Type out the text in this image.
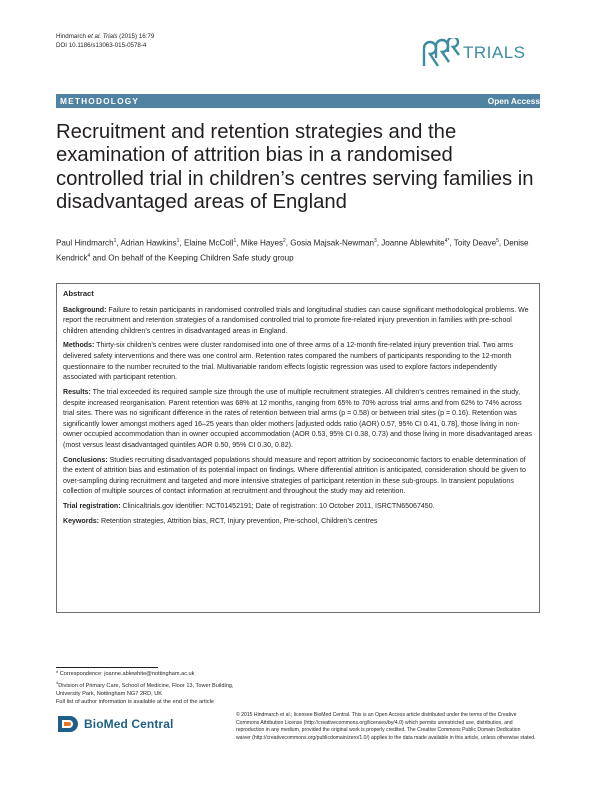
Hindmarch et al. Trials (2015) 16:79
DOI 10.1186/s13063-015-0578-4	TRIALS
METHODOLOGY	Open Access
Recruitment and retention strategies and the examination of attrition bias in a randomised controlled trial in children’s centres serving families in disadvantaged areas of England
Paul Hindmarch$^1$, Adrian Hawkins$^1$, Elaine McColl$^1$, Mike Hayes$^2$, Gosia Majsak-Newman$^3$, Joanne Ablewhite$^{4*}$, Toity Deave$^5$, Denise Kendrick$^4$ and On behalf of the Keeping Children Safe study group

Abstract

Background: Failure to retain participants in randomised controlled trials and longitudinal studies can cause significant methodological problems. We report the recruitment and retention strategies of a randomised controlled trial to promote fire-related injury prevention in families with pre-school children attending children’s centres in disadvantaged areas in England.

Methods: Thirty-six children’s centres were cluster randomised into one of three arms of a 12-month fire-related injury prevention trial. Two arms delivered safety interventions and there was one control arm. Retention rates compared the numbers of participants responding to the 12-month questionnaire to the number recruited to the trial. Multivariable random effects logistic regression was used to explore factors independently associated with participant retention.

Results: The trial exceeded its required sample size through the use of multiple recruitment strategies. All children’s centres remained in the study, despite increased reorganisation. Parent retention was 68% at 12 months, ranging from 65% to 70% across trial arms and from 62% to 74% across trial sites. There was no significant difference in the rates of retention between trial arms (p = 0.58) or between trial sites (p = 0.16). Retention was significantly lower amongst mothers aged 16–25 years than older mothers [adjusted odds ratio (AOR) 0.57, 95% CI 0.41, 0.78], those living in non-owner occupied accommodation than in owner occupied accommodation (AOR 0.53, 95% CI 0.38, 0.73) and those living in more disadvantaged areas (most versus least disadvantaged quintiles AOR 0.50, 95% CI 0.30, 0.82).

Conclusions: Studies recruiting disadvantaged populations should measure and report attrition by socioeconomic factors to enable determination of the extent of attrition bias and estimation of its potential impact on findings. Where differential attrition is anticipated, consideration should be given to over-sampling during recruitment and targeted and more intensive strategies of participant retention in these sub-groups. In transient populations collection of multiple sources of contact information at recruitment and throughout the study may aid retention.

Trial registration: Clinicaltrials.gov identifier: NCT01452191; Date of registration: 10 October 2011, ISRCTN65067450.

Keywords: Retention strategies, Attrition bias, RCT, Injury prevention, Pre-school, Children’s centres

* Correspondence: joanne.ablewhite@nottingham.ac.uk
$^4$Division of Primary Care, School of Medicine, Floor 13, Tower Building,
University Park, Nottingham NG7 2RD, UK
Full list of author information is available at the end of the article
BioMed Central
© 2015 Hindmarch et al.; licensee BioMed Central. This is an Open Access article distributed under the terms of the Creative Commons Attribution License (http://creativecommons.org/licenses/by/4.0) which permits unrestricted use, distribution, and reproduction in any medium, provided the original work is properly credited. The Creative Commons Public Domain Dedication waiver (http://creativecommons.org/publicdomain/zero/1.0/) applies to the data made available in this article, unless otherwise stated.
